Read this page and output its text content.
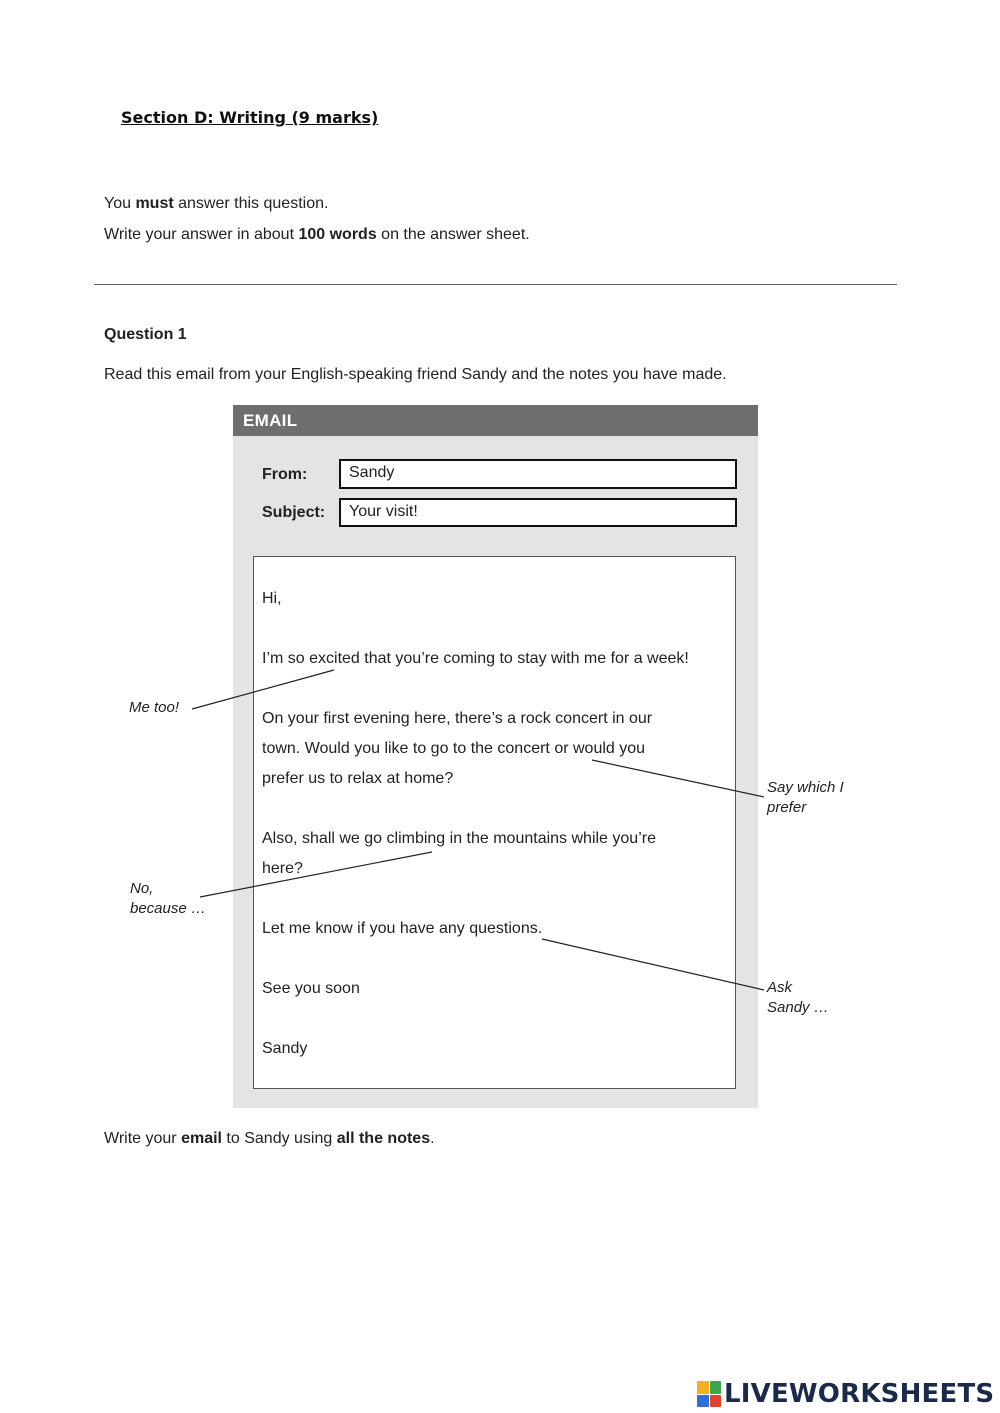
Section D: Writing (9 marks)
You must answer this question.
Write your answer in about 100 words on the answer sheet.
Question 1
Read this email from your English-speaking friend Sandy and the notes you have made.
EMAIL
From:	Sandy
Subject:	Your visit!
Hi,
I’m so excited that you’re coming to stay with me for a week!
On your first evening here, there’s a rock concert in our
town. Would you like to go to the concert or would you
prefer us to relax at home?
Also, shall we go climbing in the mountains while you’re
here?
Let me know if you have any questions.
See you soon
Sandy
Me too!
Say which I
prefer
No,
because …
Ask
Sandy …
Write your email to Sandy using all the notes.
LIVEWORKSHEETS
